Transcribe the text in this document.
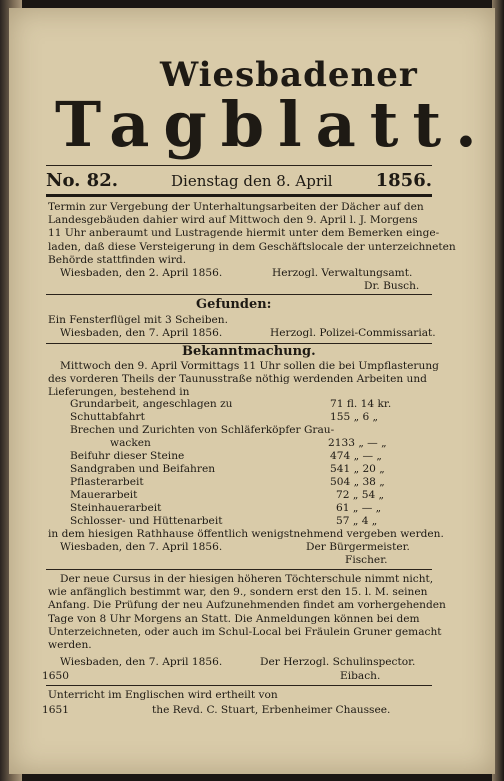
Wiesbadener
Tagblatt.
No. 82.	Dienstag den 8. April 1856.
Termin zur Vergebung der Unterhaltungsarbeiten der Dächer auf den
Landesgebäuden dahier wird auf Mittwoch den 9. April l. J. Morgens
11 Uhr anberaumt und Lustragende hiermit unter dem Bemerken einge-
laden, daß diese Versteigerung in dem Geschäftslocale der unterzeichneten
Behörde stattfinden wird.
Wiesbaden, den 2. April 1856.	Herzogl. Verwaltungsamt.
Dr. Busch.
Gefunden:
Ein Fensterflügel mit 3 Scheiben.
Wiesbaden, den 7. April 1856.	Herzogl. Polizei-Commissariat.
Bekanntmachung.
Mittwoch den 9. April Vormittags 11 Uhr sollen die bei Umpflasterung
des vorderen Theils der Taunusstraße nöthig werdenden Arbeiten und
Lieferungen, bestehend in
Grundarbeit, angeschlagen zu	71 fl. 14 kr.
Schuttabfahrt	155 „ 6 „
Brechen und Zurichten von Schläferköpfer Grau-
wacken	2133 „ — „
Beifuhr dieser Steine	474 „ — „
Sandgraben und Beifahren	541 „ 20 „
Pflasterarbeit	504 „ 38 „
Mauerarbeit	72 „ 54 „
Steinhauerarbeit	61 „ — „
Schlosser- und Hüttenarbeit	57 „ 4 „
in dem hiesigen Rathhause öffentlich wenigstnehmend vergeben werden.
Wiesbaden, den 7. April 1856.	Der Bürgermeister.
Fischer.
Der neue Cursus in der hiesigen höheren Töchterschule nimmt nicht,
wie anfänglich bestimmt war, den 9., sondern erst den 15. l. M. seinen
Anfang. Die Prüfung der neu Aufzunehmenden findet am vorhergehenden
Tage von 8 Uhr Morgens an Statt. Die Anmeldungen können bei dem
Unterzeichneten, oder auch im Schul-Local bei Fräulein Gruner gemacht
werden.
Wiesbaden, den 7. April 1856.	Der Herzogl. Schulinspector.
1650	Eibach.
Unterricht im Englischen wird ertheilt von
1651	the Revd. C. Stuart, Erbenheimer Chaussee.
